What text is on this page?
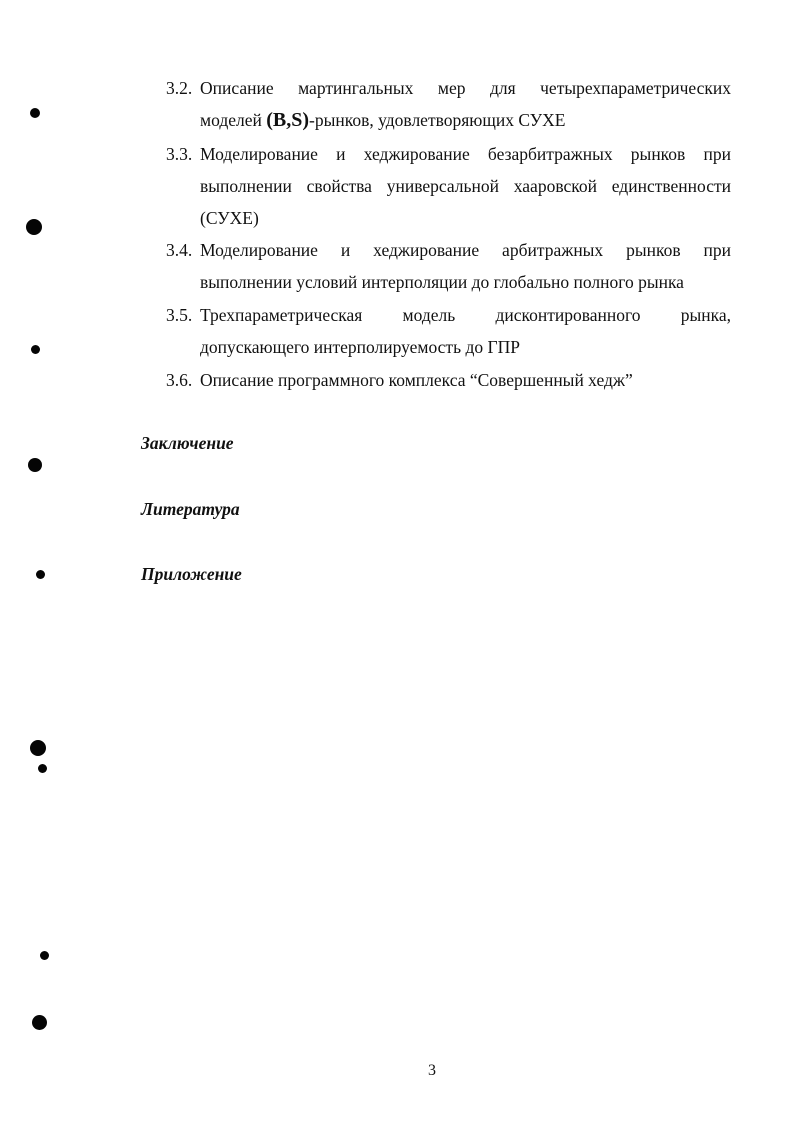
3.2. Описание мартингальных мер для четырехпараметрических
моделей (B,S)-рынков, удовлетворяющих СУХЕ
3.3. Моделирование и хеджирование безарбитражных рынков при
выполнении свойства универсальной хааровской единственности
(СУХЕ)
3.4. Моделирование и хеджирование арбитражных рынков при
выполнении условий интерполяции до глобально полного рынка
3.5. Трехпараметрическая модель дисконтированного рынка,
допускающего интерполируемость до ГПР
3.6. Описание программного комплекса “Совершенный хедж”
Заключение
Литература
Приложение
3
